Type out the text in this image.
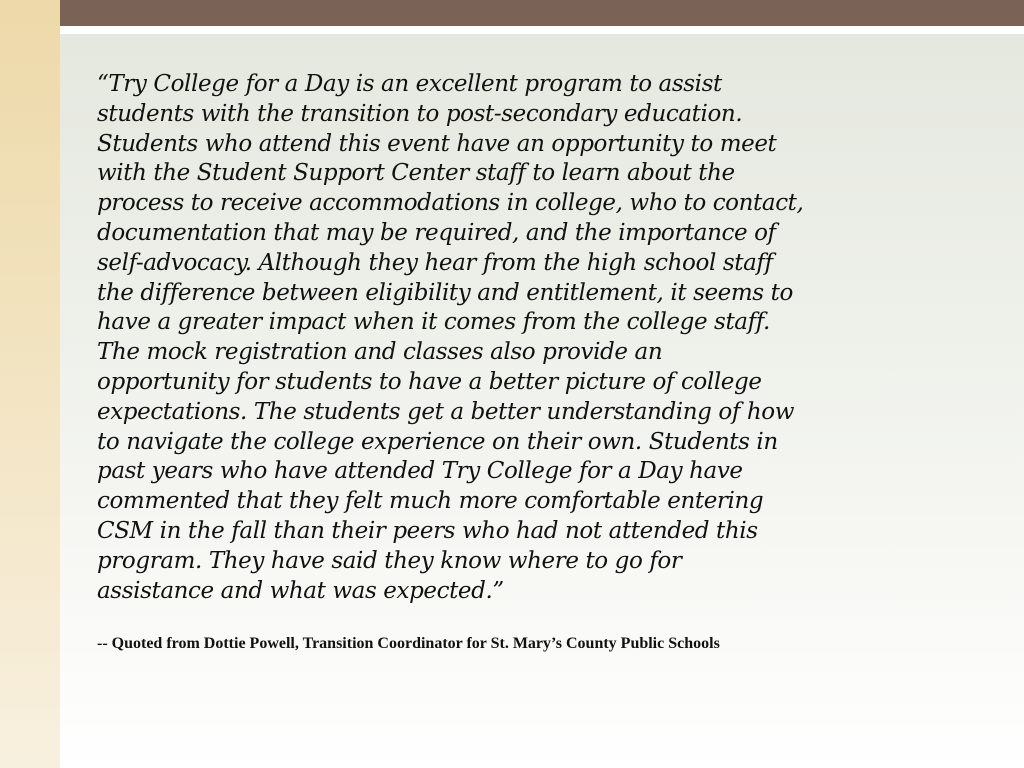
“Try College for a Day is an excellent program to assist
students with the transition to post-secondary education.
Students who attend this event have an opportunity to meet
with the Student Support Center staff to learn about the
process to receive accommodations in college, who to contact,
documentation that may be required, and the importance of
self-advocacy. Although they hear from the high school staff
the difference between eligibility and entitlement, it seems to
have a greater impact when it comes from the college staff.
The mock registration and classes also provide an
opportunity for students to have a better picture of college
expectations. The students get a better understanding of how
to navigate the college experience on their own. Students in
past years who have attended Try College for a Day have
commented that they felt much more comfortable entering
CSM in the fall than their peers who had not attended this
program. They have said they know where to go for
assistance and what was expected.”

-- Quoted from Dottie Powell, Transition Coordinator for St. Mary’s County Public Schools
